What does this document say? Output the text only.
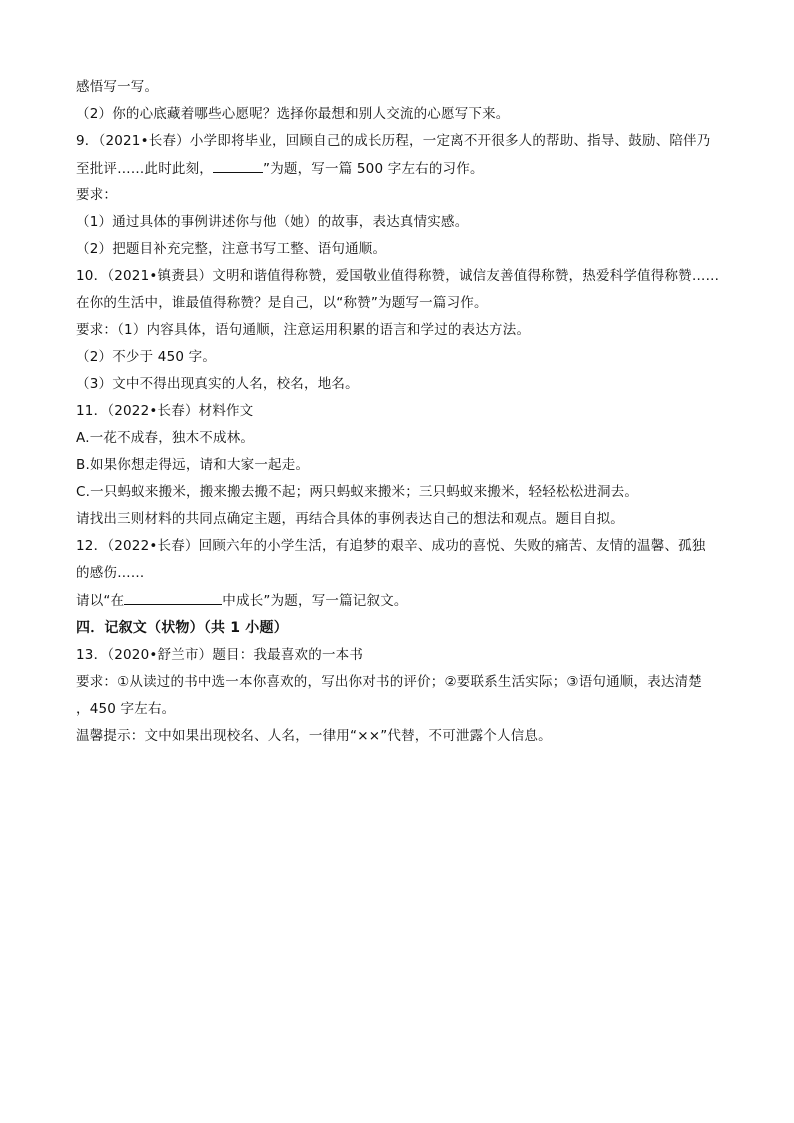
感悟写一写。
（2）你的心底藏着哪些心愿呢？选择你最想和别人交流的心愿写下来。
9．（2021•长春）小学即将毕业，回顾自己的成长历程，一定离不开很多人的帮助、指导、鼓励、陪伴乃
至批评……此时此刻，	”为题，写一篇 500 字左右的习作。
要求：
（1）通过具体的事例讲述你与他（她）的故事，表达真情实感。
（2）把题目补充完整，注意书写工整、语句通顺。
10．（2021•镇赉县）文明和谐值得称赞，爱国敬业值得称赞，诚信友善值得称赞，热爱科学值得称赞……
在你的生活中，谁最值得称赞？是自己，以“称赞”为题写一篇习作。
要求：（1）内容具体，语句通顺，注意运用积累的语言和学过的表达方法。
（2）不少于 450 字。
（3）文中不得出现真实的人名，校名，地名。
11．（2022•长春）材料作文
A.一花不成春，独木不成林。
B.如果你想走得远，请和大家一起走。
C.一只蚂蚁来搬米，搬来搬去搬不起；两只蚂蚁来搬米；三只蚂蚁来搬米，轻轻松松进洞去。
请找出三则材料的共同点确定主题，再结合具体的事例表达自己的想法和观点。题目自拟。
12．（2022•长春）回顾六年的小学生活，有追梦的艰辛、成功的喜悦、失败的痛苦、友情的温馨、孤独
的感伤……
请以“在	中成长”为题，写一篇记叙文。
四．记叙文（状物）（共 1 小题）
13．（2020•舒兰市）题目：我最喜欢的一本书
要求：①从读过的书中选一本你喜欢的，写出你对书的评价；②要联系生活实际；③语句通顺，表达清楚
，450 字左右。
温馨提示：文中如果出现校名、人名，一律用“××”代替，不可泄露个人信息。
